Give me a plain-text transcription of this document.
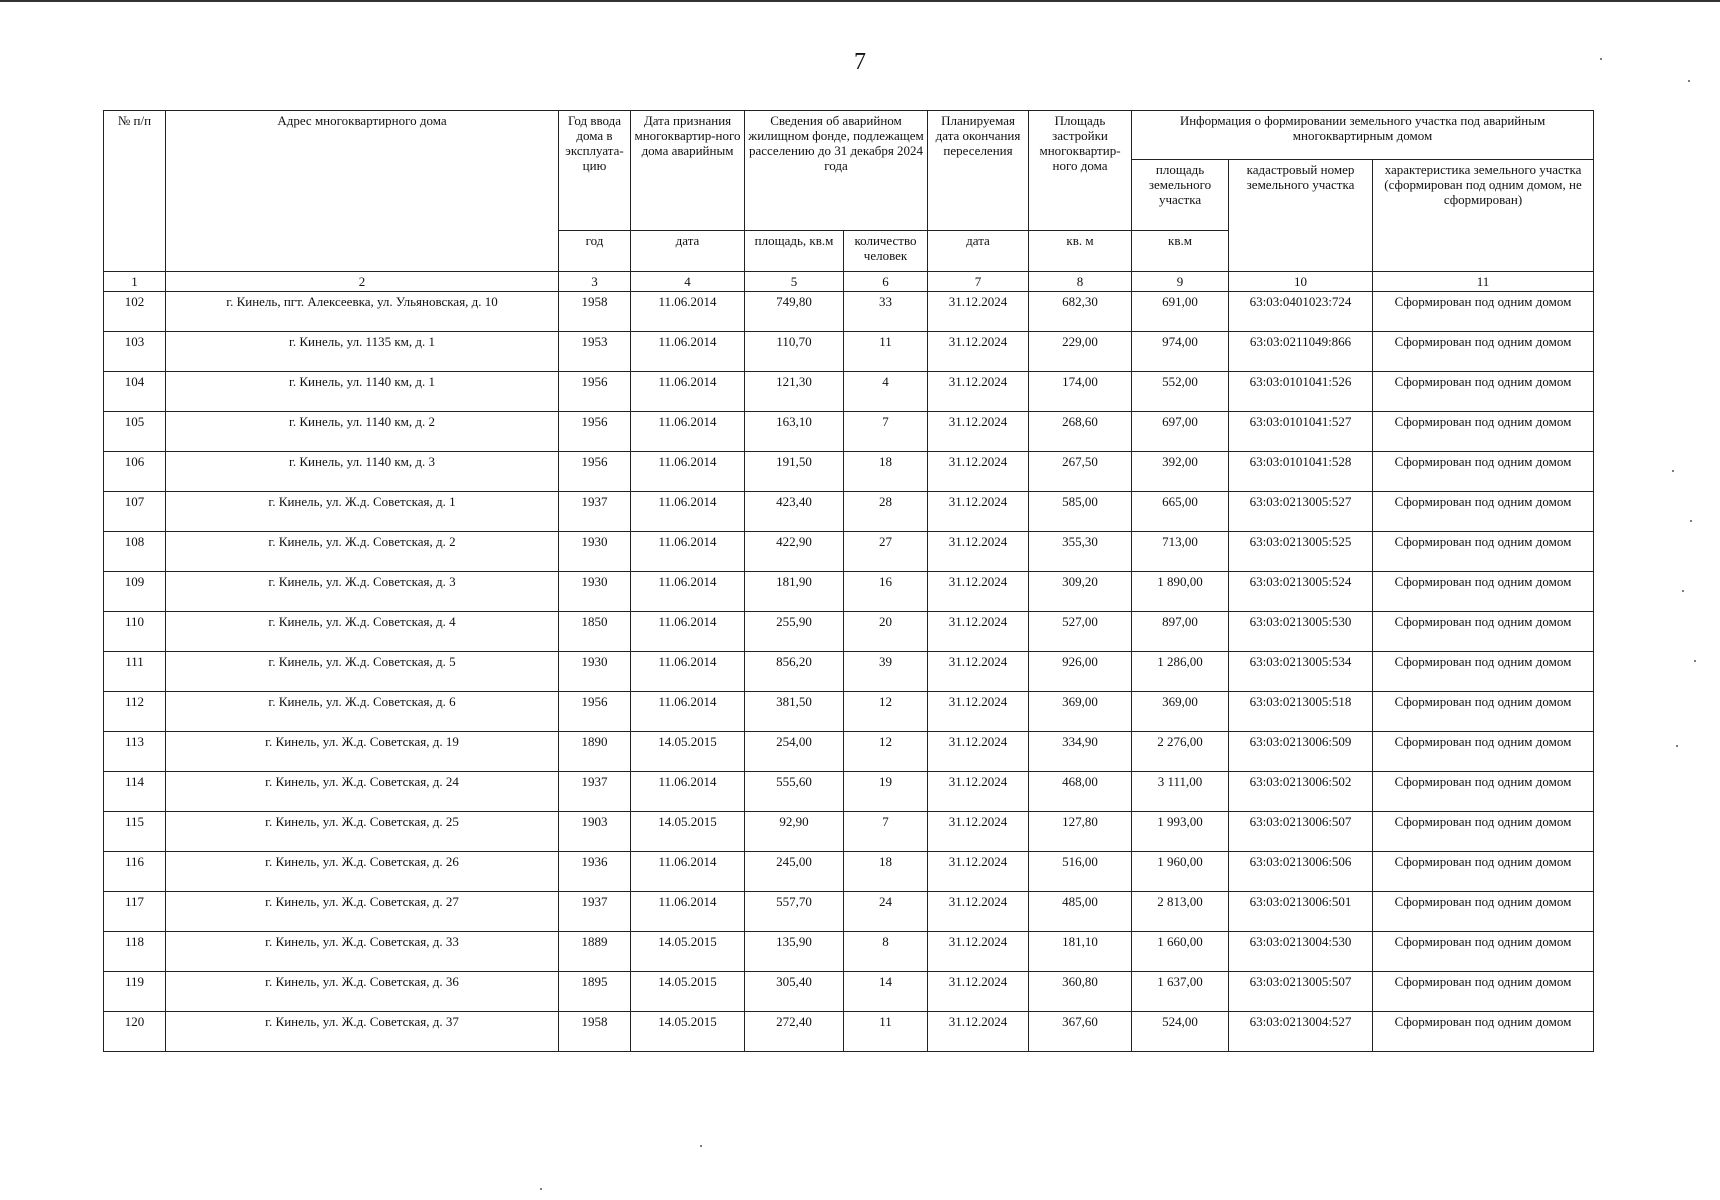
7
№ п/п	Адрес многоквартирного дома	Год ввода дома в эксплуата-цию	Дата признания многоквартир-ного дома аварийным	Сведения об аварийном жилищном фонде, подлежащем расселению до 31 декабря 2024 года		Планируемая дата окончания переселения	Площадь застройки многоквартир-ного дома	Информация о формировании земельного участка под аварийным многоквартирным домом		
								площадь земельного участка	кадастровый номер земельного участка	характеристика земельного участка (сформирован под одним домом, не сформирован)
		год	дата	площадь, кв.м	количество человек	дата	кв. м	кв.м		
1	2	3	4	5	6	7	8	9	10	11
102	г. Кинель, пгт. Алексеевка, ул. Ульяновская, д. 10	1958	11.06.2014	749,80	33	31.12.2024	682,30	691,00	63:03:0401023:724	Сформирован под одним домом
103	г. Кинель, ул. 1135 км, д. 1	1953	11.06.2014	110,70	11	31.12.2024	229,00	974,00	63:03:0211049:866	Сформирован под одним домом
104	г. Кинель, ул. 1140 км, д. 1	1956	11.06.2014	121,30	4	31.12.2024	174,00	552,00	63:03:0101041:526	Сформирован под одним домом
105	г. Кинель, ул. 1140 км, д. 2	1956	11.06.2014	163,10	7	31.12.2024	268,60	697,00	63:03:0101041:527	Сформирован под одним домом
106	г. Кинель, ул. 1140 км, д. 3	1956	11.06.2014	191,50	18	31.12.2024	267,50	392,00	63:03:0101041:528	Сформирован под одним домом
107	г. Кинель, ул. Ж.д. Советская, д. 1	1937	11.06.2014	423,40	28	31.12.2024	585,00	665,00	63:03:0213005:527	Сформирован под одним домом
108	г. Кинель, ул. Ж.д. Советская, д. 2	1930	11.06.2014	422,90	27	31.12.2024	355,30	713,00	63:03:0213005:525	Сформирован под одним домом
109	г. Кинель, ул. Ж.д. Советская, д. 3	1930	11.06.2014	181,90	16	31.12.2024	309,20	1 890,00	63:03:0213005:524	Сформирован под одним домом
110	г. Кинель, ул. Ж.д. Советская, д. 4	1850	11.06.2014	255,90	20	31.12.2024	527,00	897,00	63:03:0213005:530	Сформирован под одним домом
111	г. Кинель, ул. Ж.д. Советская, д. 5	1930	11.06.2014	856,20	39	31.12.2024	926,00	1 286,00	63:03:0213005:534	Сформирован под одним домом
112	г. Кинель, ул. Ж.д. Советская, д. 6	1956	11.06.2014	381,50	12	31.12.2024	369,00	369,00	63:03:0213005:518	Сформирован под одним домом
113	г. Кинель, ул. Ж.д. Советская, д. 19	1890	14.05.2015	254,00	12	31.12.2024	334,90	2 276,00	63:03:0213006:509	Сформирован под одним домом
114	г. Кинель, ул. Ж.д. Советская, д. 24	1937	11.06.2014	555,60	19	31.12.2024	468,00	3 111,00	63:03:0213006:502	Сформирован под одним домом
115	г. Кинель, ул. Ж.д. Советская, д. 25	1903	14.05.2015	92,90	7	31.12.2024	127,80	1 993,00	63:03:0213006:507	Сформирован под одним домом
116	г. Кинель, ул. Ж.д. Советская, д. 26	1936	11.06.2014	245,00	18	31.12.2024	516,00	1 960,00	63:03:0213006:506	Сформирован под одним домом
117	г. Кинель, ул. Ж.д. Советская, д. 27	1937	11.06.2014	557,70	24	31.12.2024	485,00	2 813,00	63:03:0213006:501	Сформирован под одним домом
118	г. Кинель, ул. Ж.д. Советская, д. 33	1889	14.05.2015	135,90	8	31.12.2024	181,10	1 660,00	63:03:0213004:530	Сформирован под одним домом
119	г. Кинель, ул. Ж.д. Советская, д. 36	1895	14.05.2015	305,40	14	31.12.2024	360,80	1 637,00	63:03:0213005:507	Сформирован под одним домом
120	г. Кинель, ул. Ж.д. Советская, д. 37	1958	14.05.2015	272,40	11	31.12.2024	367,60	524,00	63:03:0213004:527	Сформирован под одним домом
